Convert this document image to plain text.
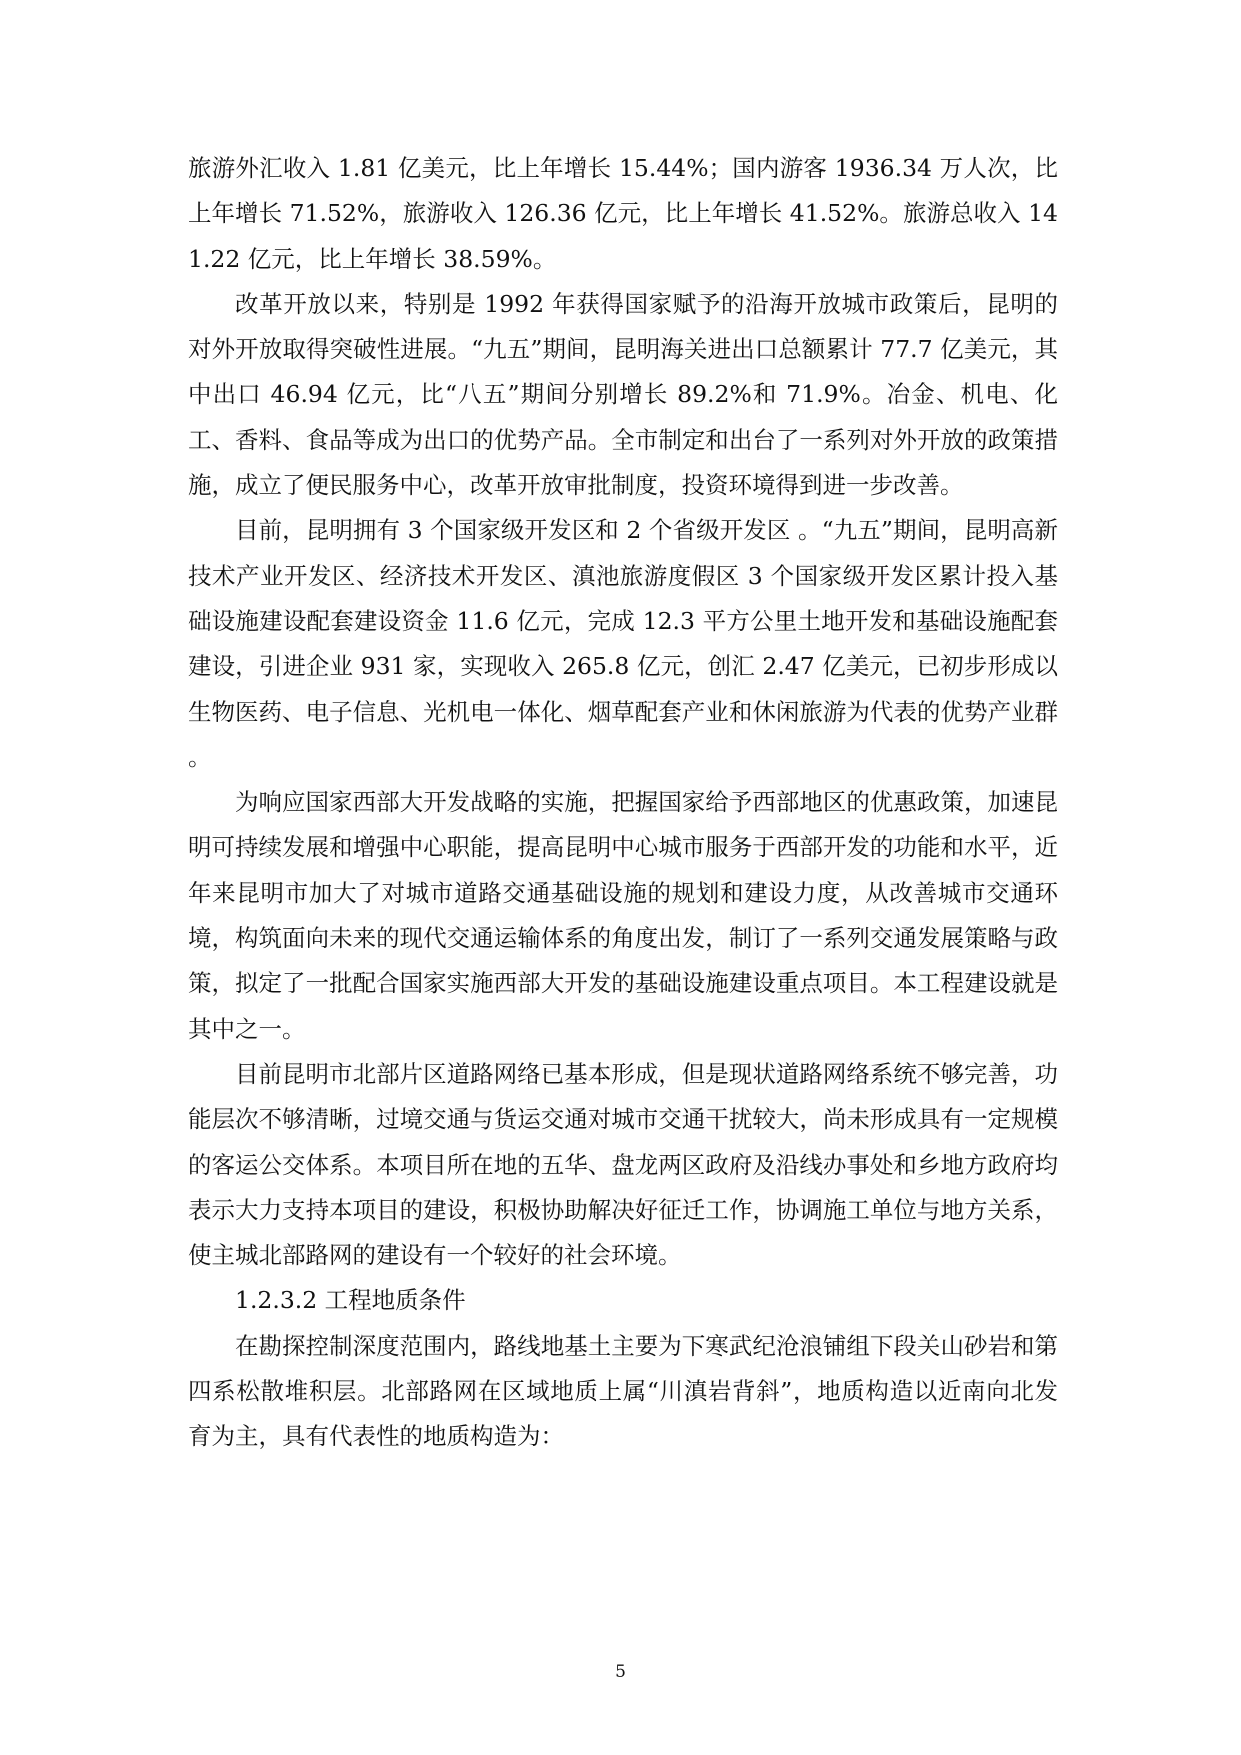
旅游外汇收入 1.81 亿美元，比上年增长 15.44%；国内游客 1936.34 万人次，比上年增长 71.52%，旅游收入 126.36 亿元，比上年增长 41.52%。旅游总收入 141.22 亿元，比上年增长 38.59%。

改革开放以来，特别是 1992 年获得国家赋予的沿海开放城市政策后，昆明的对外开放取得突破性进展。“九五”期间，昆明海关进出口总额累计 77.7 亿美元，其中出口 46.94 亿元，比“八五”期间分别增长 89.2%和 71.9%。冶金、机电、化工、香料、食品等成为出口的优势产品。全市制定和出台了一系列对外开放的政策措施，成立了便民服务中心，改革开放审批制度，投资环境得到进一步改善。

目前，昆明拥有 3 个国家级开发区和 2 个省级开发区 。“九五”期间，昆明高新技术产业开发区、经济技术开发区、滇池旅游度假区 3 个国家级开发区累计投入基础设施建设配套建设资金 11.6 亿元，完成 12.3 平方公里土地开发和基础设施配套建设，引进企业 931 家，实现收入 265.8 亿元，创汇 2.47 亿美元，已初步形成以生物医药、电子信息、光机电一体化、烟草配套产业和休闲旅游为代表的优势产业群 。

为响应国家西部大开发战略的实施，把握国家给予西部地区的优惠政策，加速昆明可持续发展和增强中心职能，提高昆明中心城市服务于西部开发的功能和水平，近年来昆明市加大了对城市道路交通基础设施的规划和建设力度，从改善城市交通环境，构筑面向未来的现代交通运输体系的角度出发，制订了一系列交通发展策略与政策，拟定了一批配合国家实施西部大开发的基础设施建设重点项目。本工程建设就是其中之一。

目前昆明市北部片区道路网络已基本形成，但是现状道路网络系统不够完善，功能层次不够清晰，过境交通与货运交通对城市交通干扰较大，尚未形成具有一定规模的客运公交体系。本项目所在地的五华、盘龙两区政府及沿线办事处和乡地方政府均表示大力支持本项目的建设，积极协助解决好征迁工作，协调施工单位与地方关系，使主城北部路网的建设有一个较好的社会环境。

1.2.3.2 工程地质条件

在勘探控制深度范围内，路线地基土主要为下寒武纪沧浪铺组下段关山砂岩和第四系松散堆积层。北部路网在区域地质上属“川滇岩背斜”，地质构造以近南向北发育为主，具有代表性的地质构造为：

5
